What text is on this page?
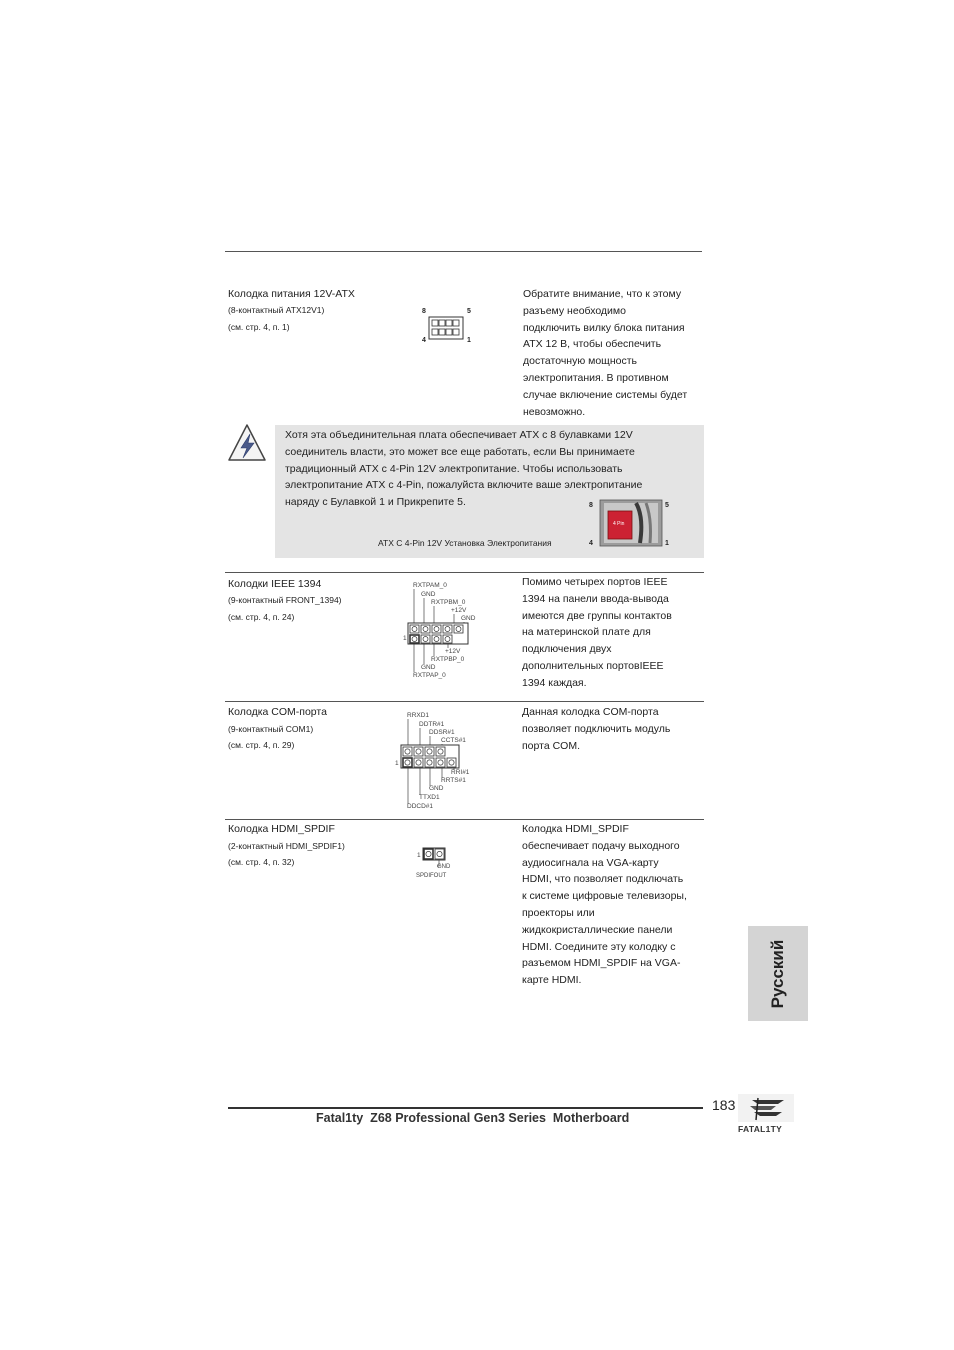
Колодка питания 12V-ATX
(8-контактный ATX12V1)
(см. стр. 4, п. 1)
8	5
4	1
Обратите внимание, что к этому
разъему необходимо
подключить вилку блока питания
ATX 12 В, чтобы обеспечить
достаточную мощность
электропитания. В противном
случае включение системы будет
невозможно.
Хотя эта объединительная плата обеспечивает ATX с 8 булавками 12V
соединитель власти, это может все еще работать, если Вы принимаете
традиционный ATX с 4-Pin 12V электропитание. Чтобы использовать
электропитание ATX с 4-Pin, пожалуйста включите ваше электропитание
наряду с Булавкой 1 и Прикрепите 5.
ATX С 4-Pin 12V Установка Электропитания
8	5
4 Pin
4	1
Колодки IEEE 1394
(9-контактный FRONT_1394)
(см. стр. 4, п. 24)
RXTPAM_0
GND
RXTPBM_0
+12V
GND
+12V
RXTPBP_0
GND
RXTPAP_0
1
Помимо четырех портов IEEE
1394 на панели ввода-вывода
имеются две группы контактов
на материнской плате для
подключения двух
дополнительных портовIEEE
1394 каждая.
Колодка COM-порта
(9-контактный COM1)
(см. стр. 4, п. 29)
RRXD1
DDTR#1
DDSR#1
CCTS#1
RRI#1
RRTS#1
GND
TTXD1
DDCD#1
1
Данная колодка COM-порта
позволяет подключить модуль
порта COM.
Колодка HDMI_SPDIF
(2-контактный HDMI_SPDIF1)
(см. стр. 4, п. 32)
1
GND
SPDIFOUT
Колодка HDMI_SPDIF
обеспечивает подачу выходного
аудиосигнала на VGA-карту
HDMI, что позволяет подключать
к системе цифровые телевизоры,
проекторы или
жидкокристаллические панели
HDMI. Соедините эту колодку с
разъемом HDMI_SPDIF на VGA-
карте HDMI.	Русский
183
Fatal1ty  Z68 Professional Gen3 Series  Motherboard
FATAL1TY
